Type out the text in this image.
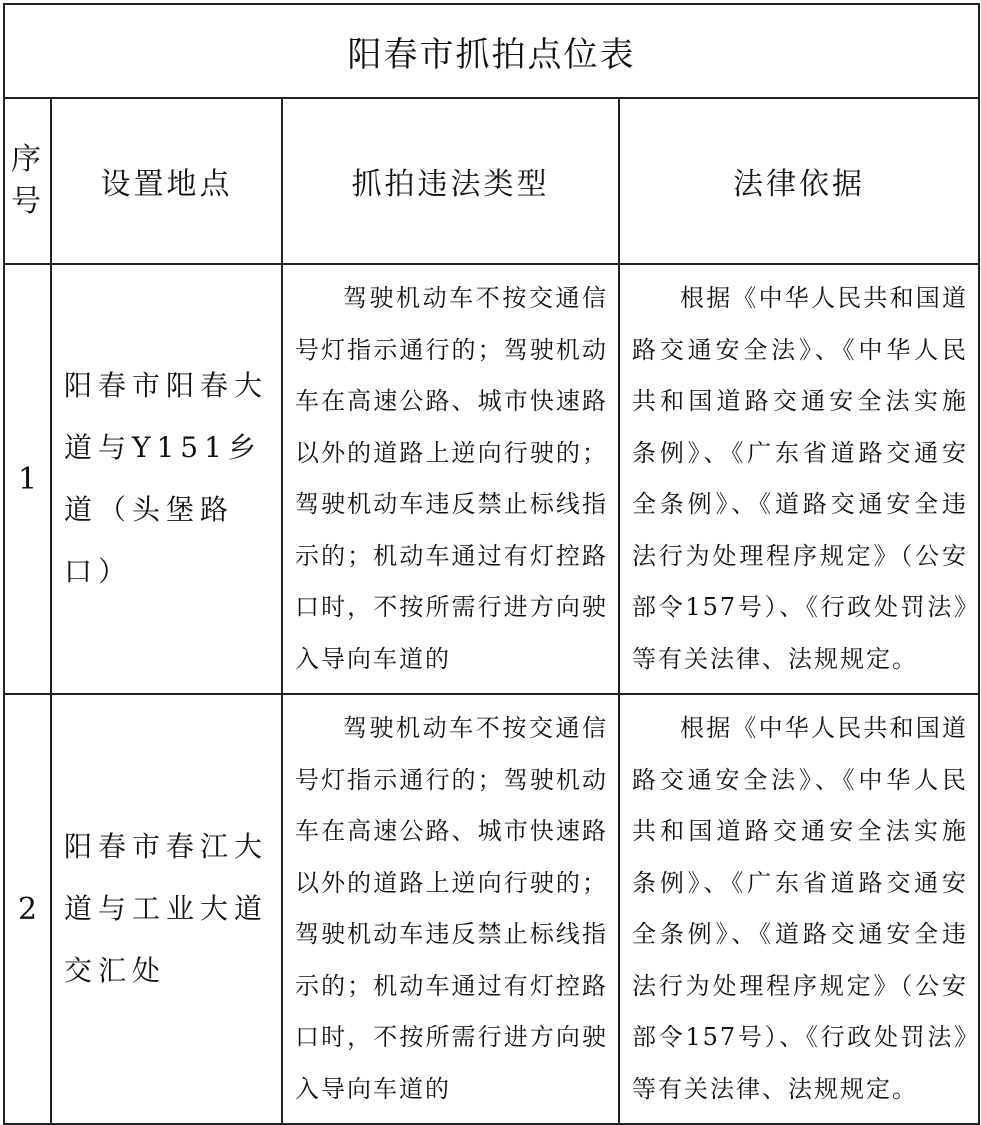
阳春市抓拍点位表			

序
号	设置地点	抓拍违法类型	法律依据
1	阳春市阳春大道与Y151乡道（头堡路口）	驾驶机动车不按交通信号灯指示通行的；驾驶机动车在高速公路、城市快速路以外的道路上逆向行驶的；驾驶机动车违反禁止标线指示的；机动车通过有灯控路口时，不按所需行进方向驶入导向车道的	根据《中华人民共和国道路交通安全法》、《中华人民共和国道路交通安全法实施条例》、《广东省道路交通安全条例》、《道路交通安全违法行为处理程序规定》（公安部令157号）、《行政处罚法》等有关法律、法规规定。
2	阳春市春江大道与工业大道交汇处	驾驶机动车不按交通信号灯指示通行的；驾驶机动车在高速公路、城市快速路以外的道路上逆向行驶的；驾驶机动车违反禁止标线指示的；机动车通过有灯控路口时，不按所需行进方向驶入导向车道的	根据《中华人民共和国道路交通安全法》、《中华人民共和国道路交通安全法实施条例》、《广东省道路交通安全条例》、《道路交通安全违法行为处理程序规定》（公安部令157号）、《行政处罚法》等有关法律、法规规定。
